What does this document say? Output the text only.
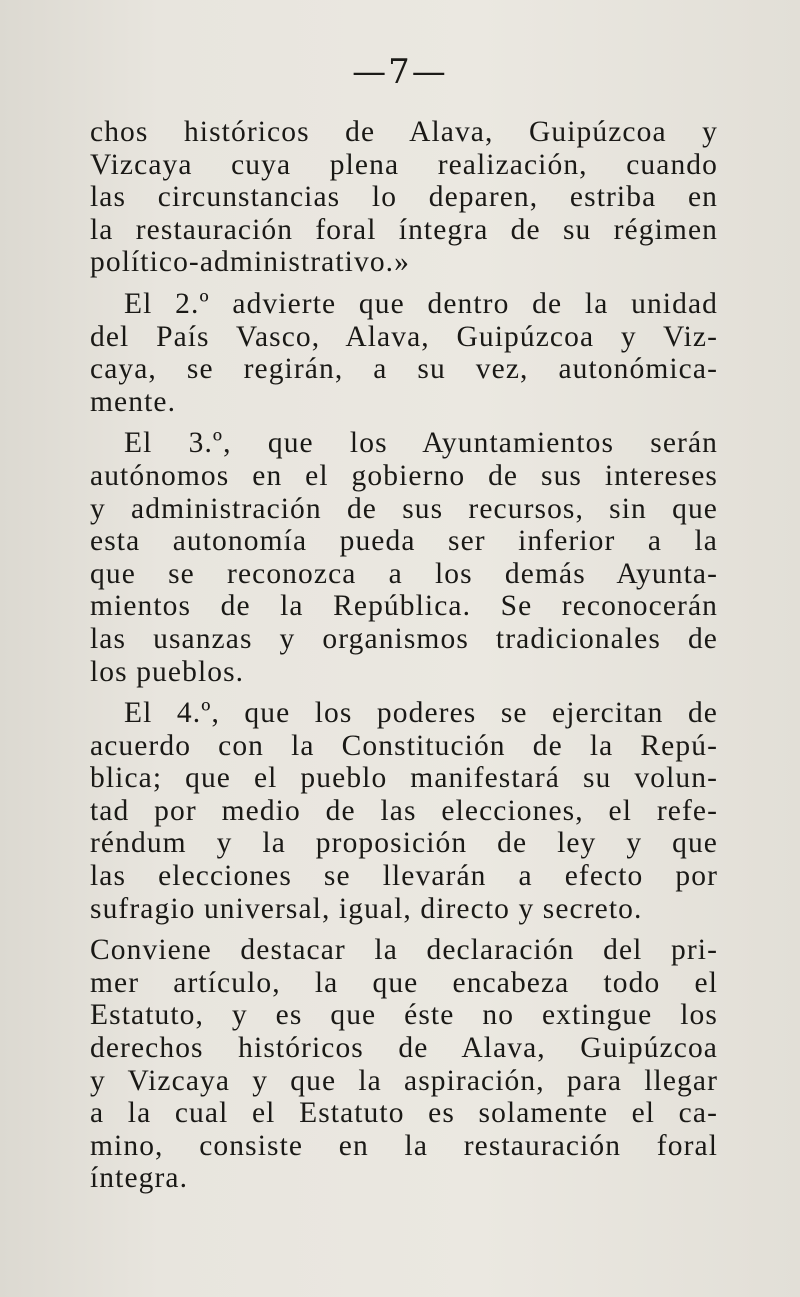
—7—
chos históricos de Alava, Guipúzcoa y
Vizcaya cuya plena realización, cuando
las circunstancias lo deparen, estriba en
la restauración foral íntegra de su régimen
político-administrativo.»
El 2.º advierte que dentro de la unidad
del País Vasco, Alava, Guipúzcoa y Viz-
caya, se regirán, a su vez, autonómica-
mente.
El 3.º, que los Ayuntamientos serán
autónomos en el gobierno de sus intereses
y administración de sus recursos, sin que
esta autonomía pueda ser inferior a la
que se reconozca a los demás Ayunta-
mientos de la República. Se reconocerán
las usanzas y organismos tradicionales de
los pueblos.
El 4.º, que los poderes se ejercitan de
acuerdo con la Constitución de la Repú-
blica; que el pueblo manifestará su volun-
tad por medio de las elecciones, el refe-
réndum y la proposición de ley y que
las elecciones se llevarán a efecto por
sufragio universal, igual, directo y secreto.
Conviene destacar la declaración del pri-
mer artículo, la que encabeza todo el
Estatuto, y es que éste no extingue los
derechos históricos de Alava, Guipúzcoa
y Vizcaya y que la aspiración, para llegar
a la cual el Estatuto es solamente el ca-
mino, consiste en la restauración foral
íntegra.
